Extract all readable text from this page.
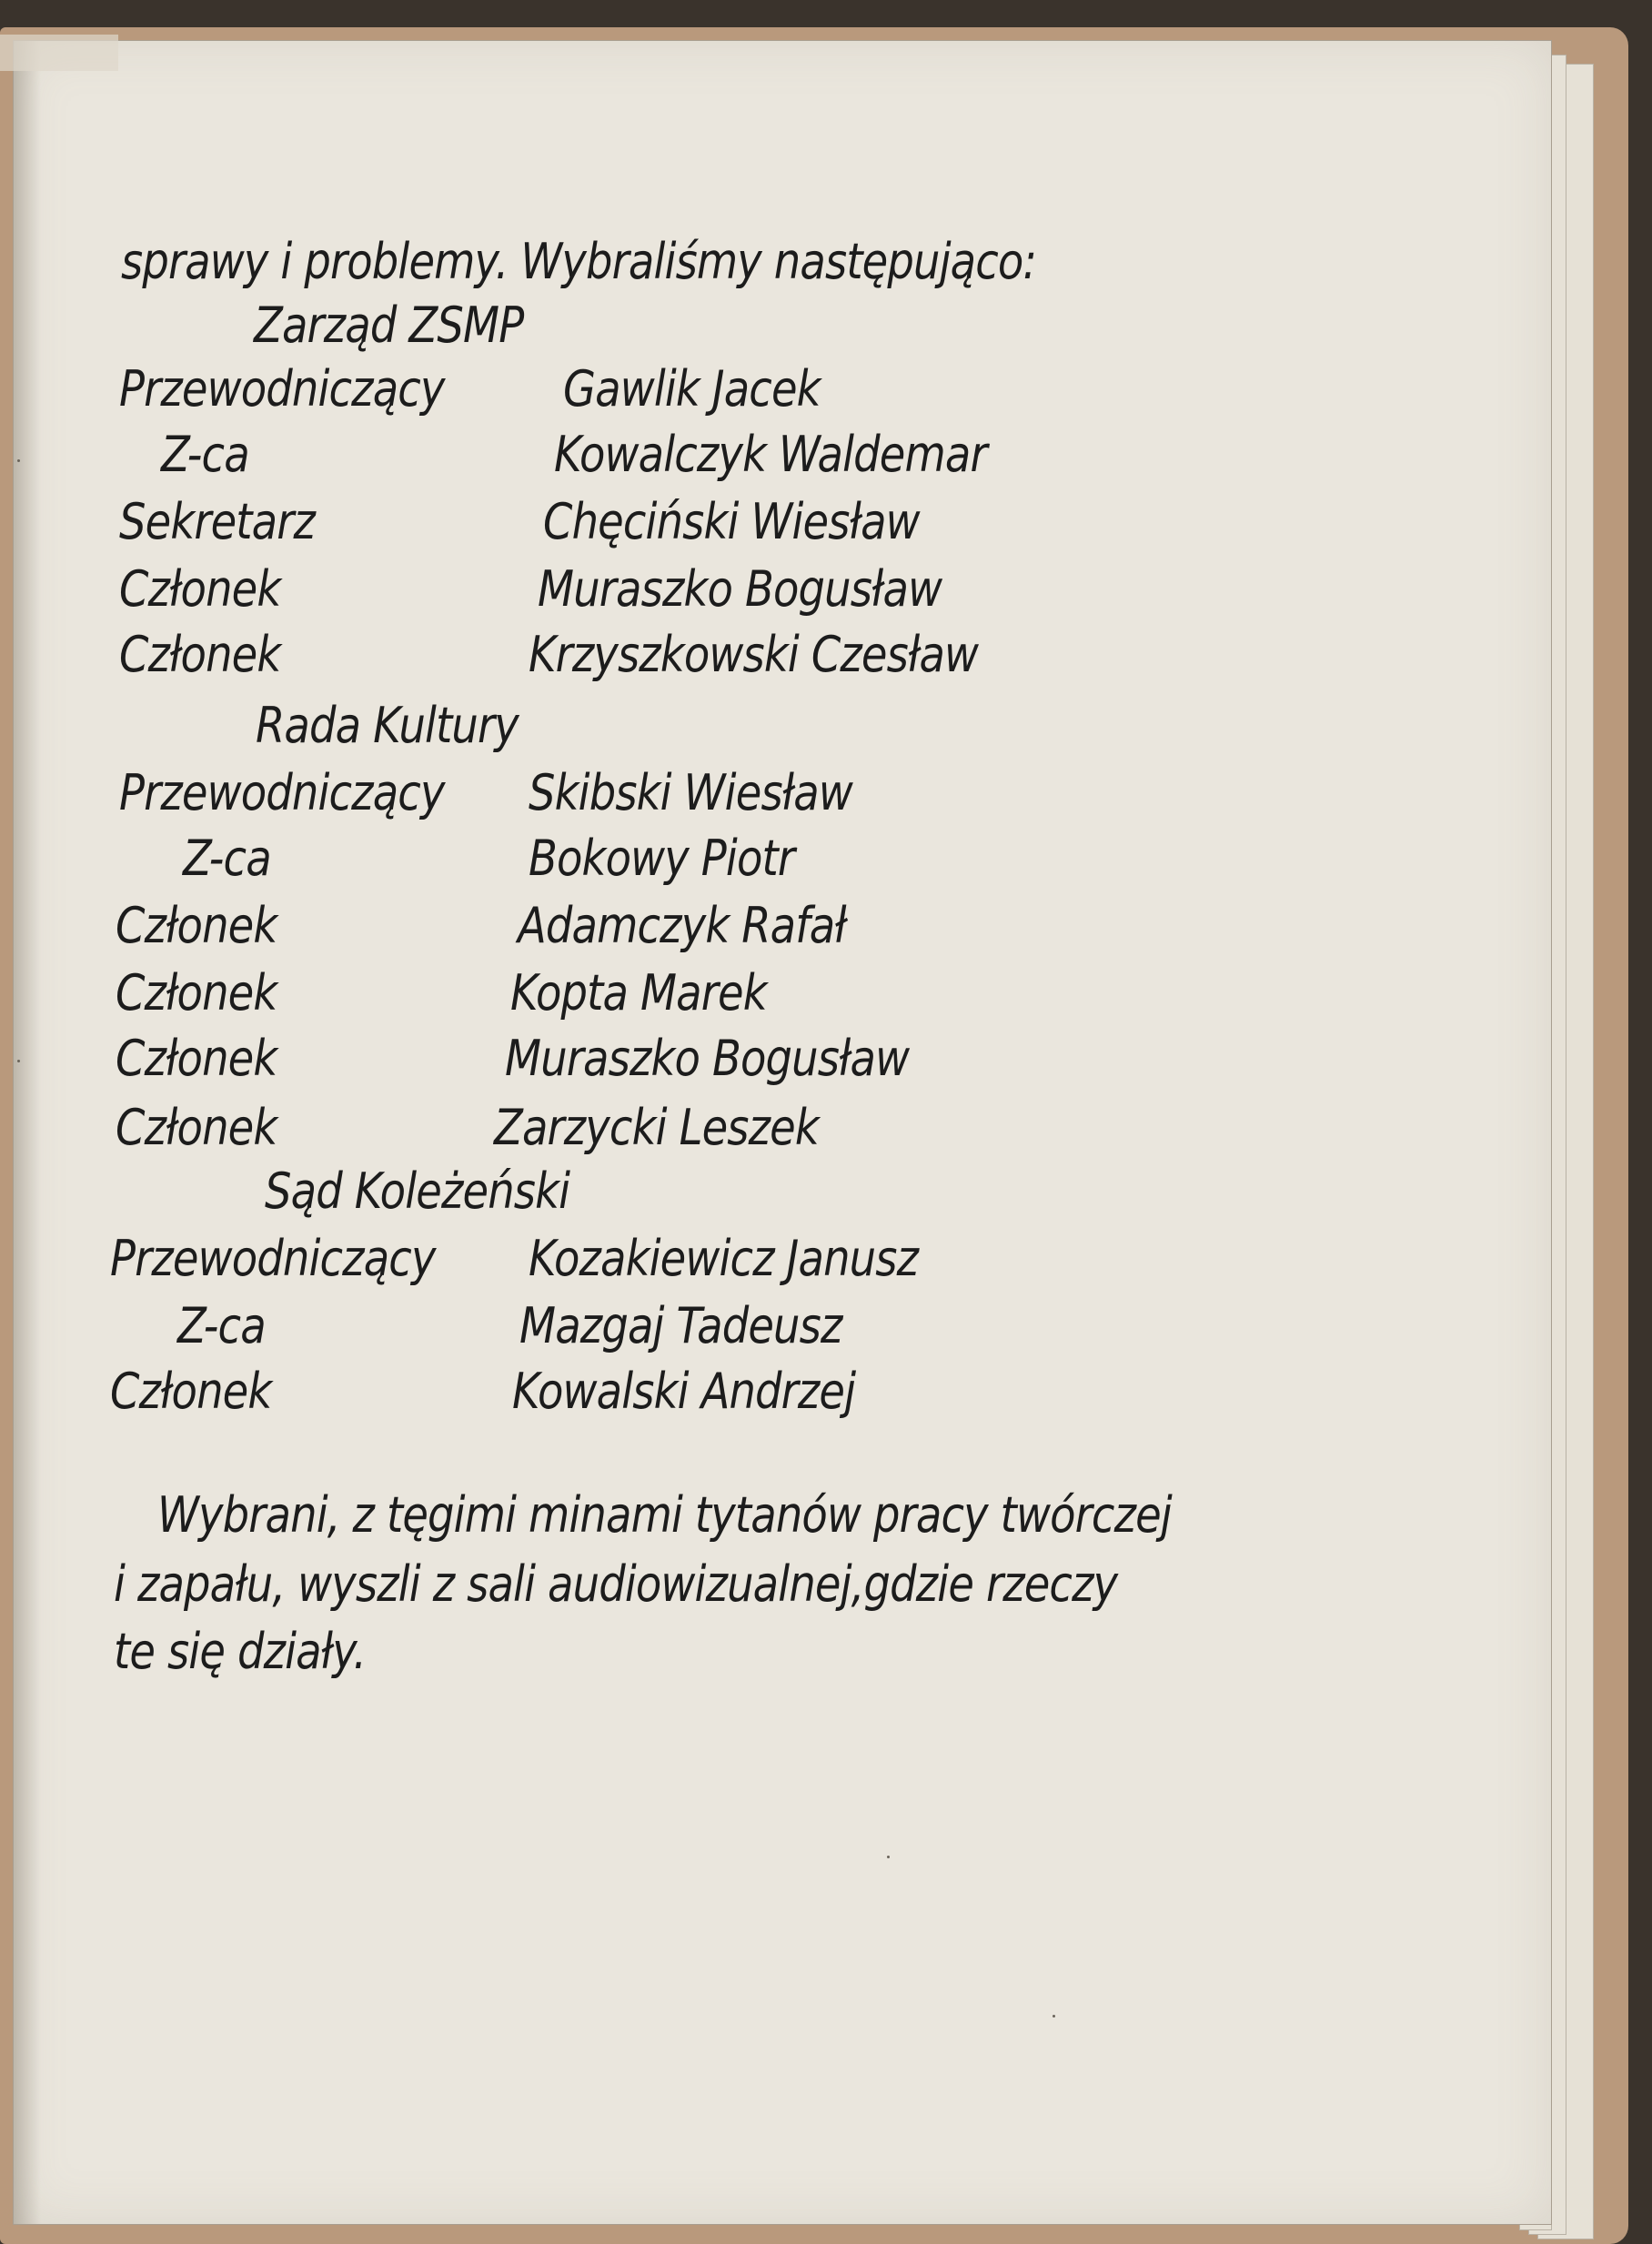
sprawy i problemy. Wybraliśmy następująco:
Zarząd ZSMP
Przewodniczący Gawlik Jacek
Z-ca	Kowalczyk Waldemar
Sekretarz	Chęciński Wiesław
Członek	Muraszko Bogusław
Członek	Krzyszkowski Czesław
Rada Kultury
Przewodniczący Skibski Wiesław
Z-ca	Bokowy Piotr
Członek	Adamczyk Rafał
Członek	Kopta Marek
Członek	Muraszko Bogusław
Członek	Zarzycki Leszek
Sąd Koleżeński
Przewodniczący Kozakiewicz Janusz
Z-ca	Mazgaj Tadeusz
Członek	Kowalski Andrzej
Wybrani, z tęgimi minami tytanów pracy twórczej
i zapału, wyszli z sali audiowizualnej,gdzie rzeczy
te się działy.
